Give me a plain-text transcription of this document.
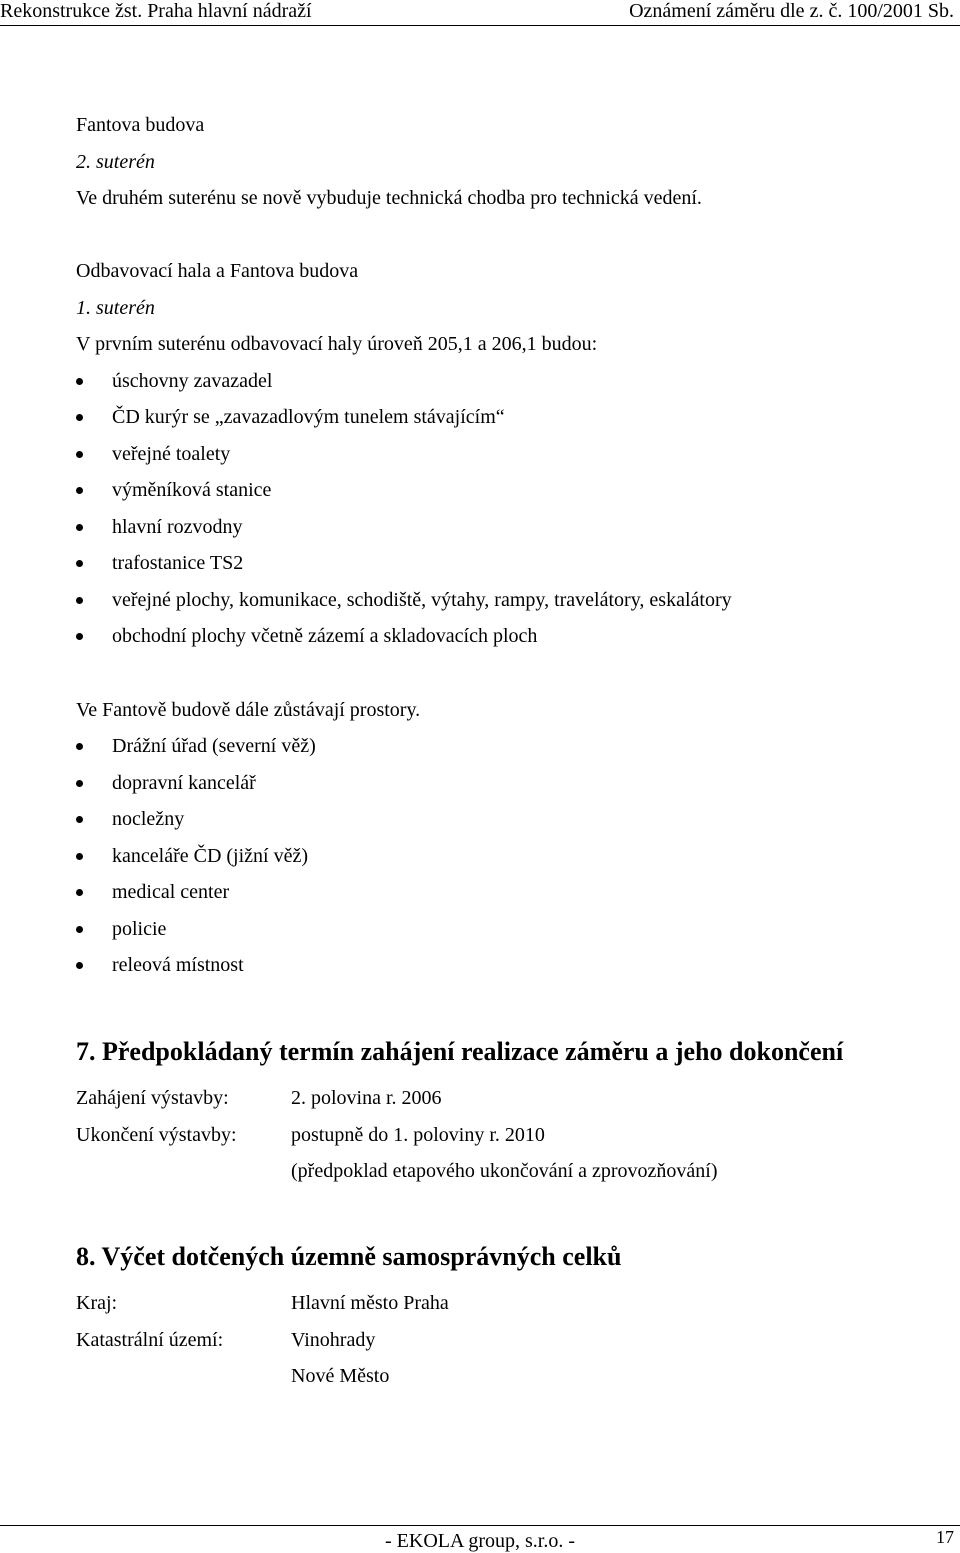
Rekonstrukce žst. Praha hlavní nádraží	Oznámení záměru dle z. č. 100/2001 Sb.
Fantova budova
2. suterén
Ve druhém suterénu se nově vybuduje technická chodba pro technická vedení.
Odbavovací hala a Fantova budova
1. suterén
V prvním suterénu odbavovací haly úroveň 205,1 a 206,1 budou:
úschovny zavazadel
ČD kurýr se „zavazadlovým tunelem stávajícím“
veřejné toalety
výměníková stanice
hlavní rozvodny
trafostanice TS2
veřejné plochy, komunikace, schodiště, výtahy, rampy, travelátory, eskalátory
obchodní plochy včetně zázemí a skladovacích ploch
Ve Fantově budově dále zůstávají prostory.
Drážní úřad (severní věž)
dopravní kancelář
nocležny
kanceláře ČD (jižní věž)
medical center
policie
releová místnost
7. Předpokládaný termín zahájení realizace záměru a jeho dokončení
Zahájení výstavby:	2. polovina r. 2006
Ukončení výstavby:	postupně do 1. poloviny r. 2010
(předpoklad etapového ukončování a zprovozňování)
8. Výčet dotčených územně samosprávných celků
Kraj:	Hlavní město Praha
Katastrální území:	Vinohrady
Nové Město
- EKOLA group, s.r.o. -	17
